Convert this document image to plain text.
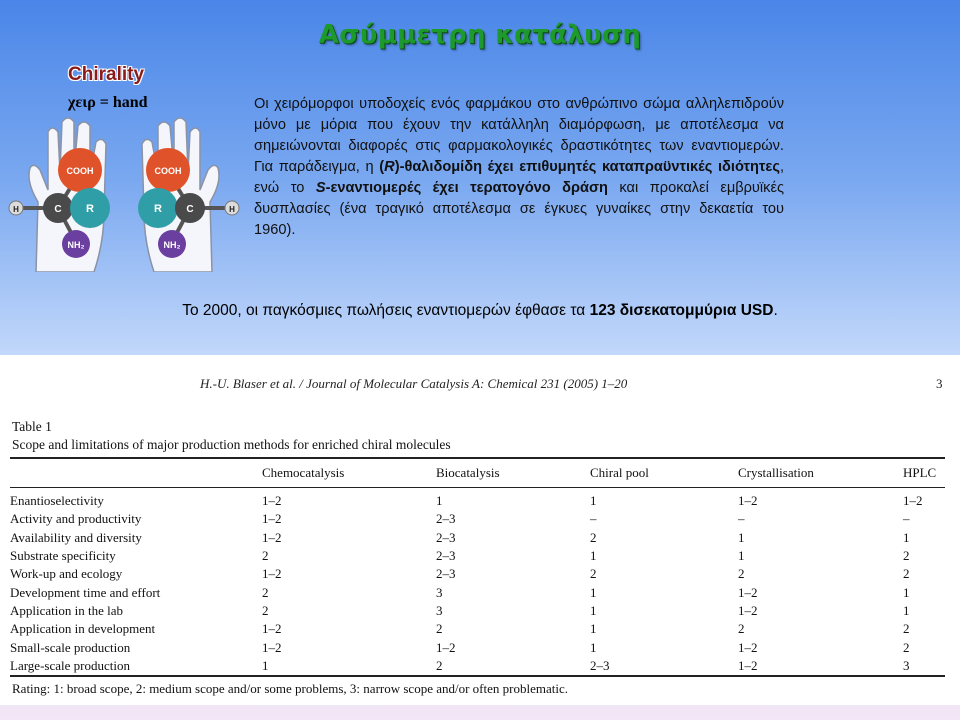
Ασύμμετρη κατάλυση
Chirality
χειρ = hand
H
COOH
C R
NH₂
H
COOH
R C
NH₂
Οι χειρόμορφοι υποδοχείς ενός φαρμάκου στο ανθρώπινο σώμα αλληλεπιδρούν μόνο με μόρια που έχουν την κατάλληλη διαμόρφωση, με αποτέλεσμα να σημειώνονται διαφορές στις φαρμακολογικές δραστικότητες των εναντιομερών. Για παράδειγμα, η (R)-θαλιδομίδη έχει επιθυμητές καταπραϋντικές ιδιότητες, ενώ το S-εναντιομερές έχει τερατογόνο δράση και προκαλεί εμβρυϊκές δυσπλασίες (ένα τραγικό αποτέλεσμα σε έγκυες γυναίκες στην δεκαετία του 1960).
Το 2000, οι παγκόσμιες πωλήσεις εναντιομερών έφθασε τα 123 δισεκατομμύρια USD.
H.-U. Blaser et al. / Journal of Molecular Catalysis A: Chemical 231 (2005) 1–20	3
Table 1
Scope and limitations of major production methods for enriched chiral molecules
	Chemocatalysis	Biocatalysis	Chiral pool	Crystallisation	HPLC
Enantioselectivity	1–2	1	1	1–2	1–2
Activity and productivity	1–2	2–3	–	–	–
Availability and diversity	1–2	2–3	2	1	1
Substrate specificity	2	2–3	1	1	2
Work-up and ecology	1–2	2–3	2	2	2
Development time and effort	2	3	1	1–2	1
Application in the lab	2	3	1	1–2	1
Application in development	1–2	2	1	2	2
Small-scale production	1–2	1–2	1	1–2	2
Large-scale production	1	2	2–3	1–2	3
Rating: 1: broad scope, 2: medium scope and/or some problems, 3: narrow scope and/or often problematic.
